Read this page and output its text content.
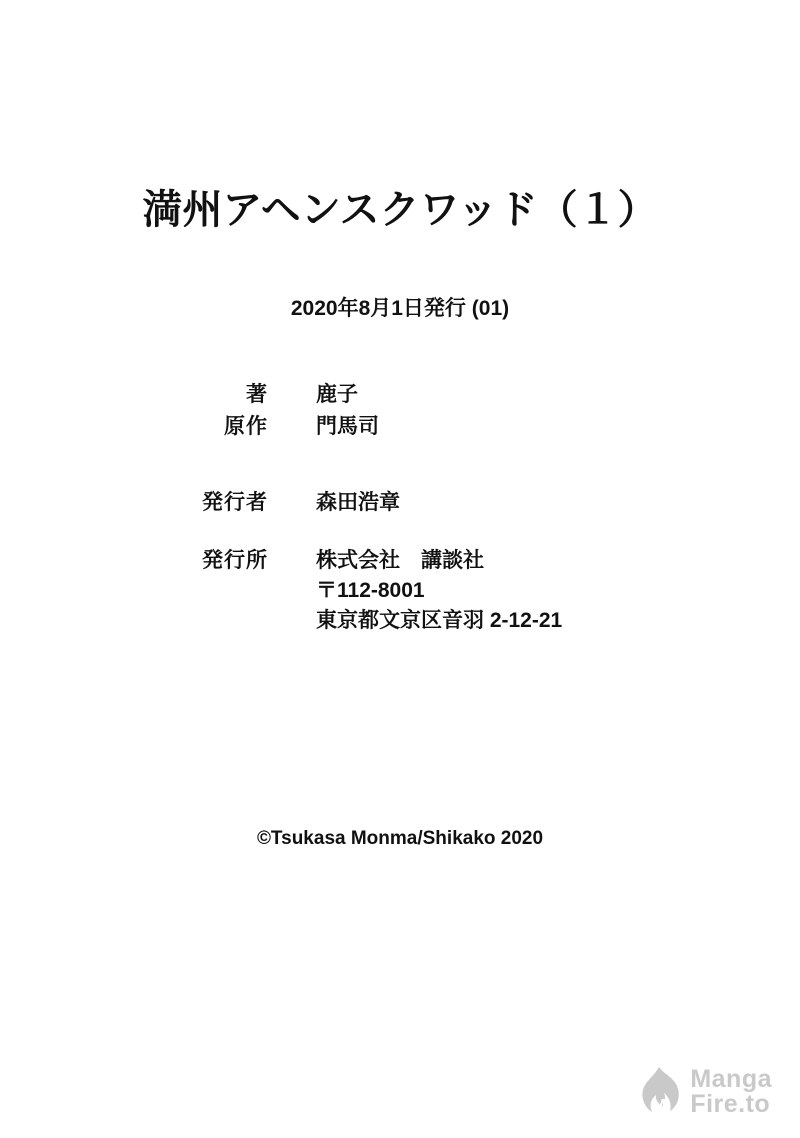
満州アヘンスクワッド（１）
2020年8月1日発行 (01)
著	鹿子
原作	門馬司
©Tsukasa Monma/Shikako 2020
発行者	森田浩章
発行所	株式会社　講談社
〒112-8001
東京都文京区音羽 2-12-21
M
Manga
Fire.to
